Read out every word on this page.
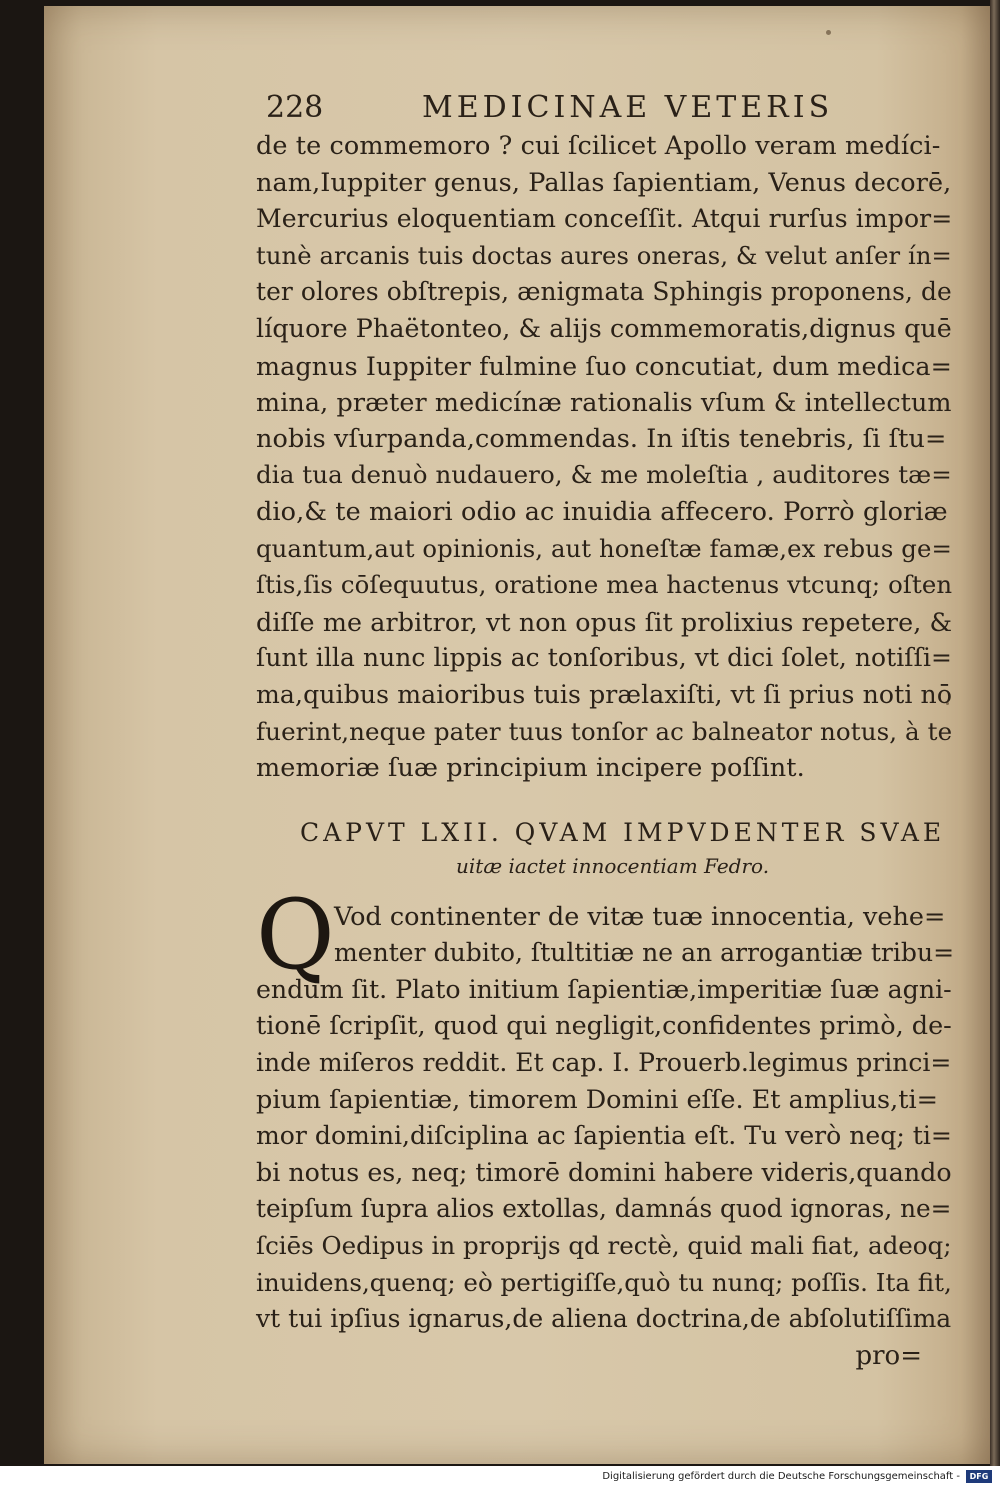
228	MEDICINAE VETERIS
de te commemoro ? cui ſcilicet Apollo veram medíci-
nam,Iuppiter genus, Pallas ſapientiam, Venus decorē,
Mercurius eloquentiam conceſſit. Atqui rurſus impor=
tunè arcanis tuis doctas aures oneras, & velut anſer ín=
ter olores obſtrepis, ænigmata Sphingis proponens, de
líquore Phaëtonteo, & alijs commemoratis,dignus quē
magnus Iuppiter fulmine ſuo concutiat, dum medica=
mina, præter medicínæ rationalis vſum & intellectum
nobis vſurpanda,commendas. In iſtis tenebris, ſi ſtu=
dia tua denuò nudauero, & me moleſtia , auditores tæ=
dio,& te maiori odio ac inuidia affecero. Porrò gloriæ
quantum,aut opinionis, aut honeſtæ famæ,ex rebus ge=
ſtis,ſis cōſequutus, oratione mea hactenus vtcunq; oſten
diſſe me arbitror, vt non opus ſit prolixius repetere, &
ſunt illa nunc lippis ac tonſoribus, vt dici ſolet, notiſſi=
ma,quibus maioribus tuis prælaxiſti, vt ſi prius noti nō
fuerint,neque pater tuus tonſor ac balneator notus, à te
memoriæ ſuæ principium incipere poſſint.
CAPVT LXII. QVAM IMPVDENTER SVAE
uitæ iactet innocentiam Fedro.
Q Vod continenter de vitæ tuæ innocentia, vehe=
menter dubito, ſtultitiæ ne an arrogantiæ tribu=
endum ſit. Plato initium ſapientiæ,imperitiæ ſuæ agni-
tionē ſcripſit, quod qui negligit,confidentes primò, de-
inde miſeros reddit. Et cap. I. Prouerb.legimus princi=
pium ſapientiæ, timorem Domini eſſe. Et amplius,ti=
mor domini,diſciplina ac ſapientia eſt. Tu verò neq; ti=
bi notus es, neq; timorē domini habere videris,quando
teipſum ſupra alios extollas, damnás quod ignoras, ne=
ſciēs Oedipus in proprijs qd rectè, quid mali fiat, adeoq;
inuidens,quenq; eò pertigiſſe,quò tu nunq; poſſis. Ita fit,
vt tui ipſius ignarus,de aliena doctrina,de abſolutiſſima
pro=
Digitalisierung gefördert durch die Deutsche Forschungsgemeinschaft -	DFG
